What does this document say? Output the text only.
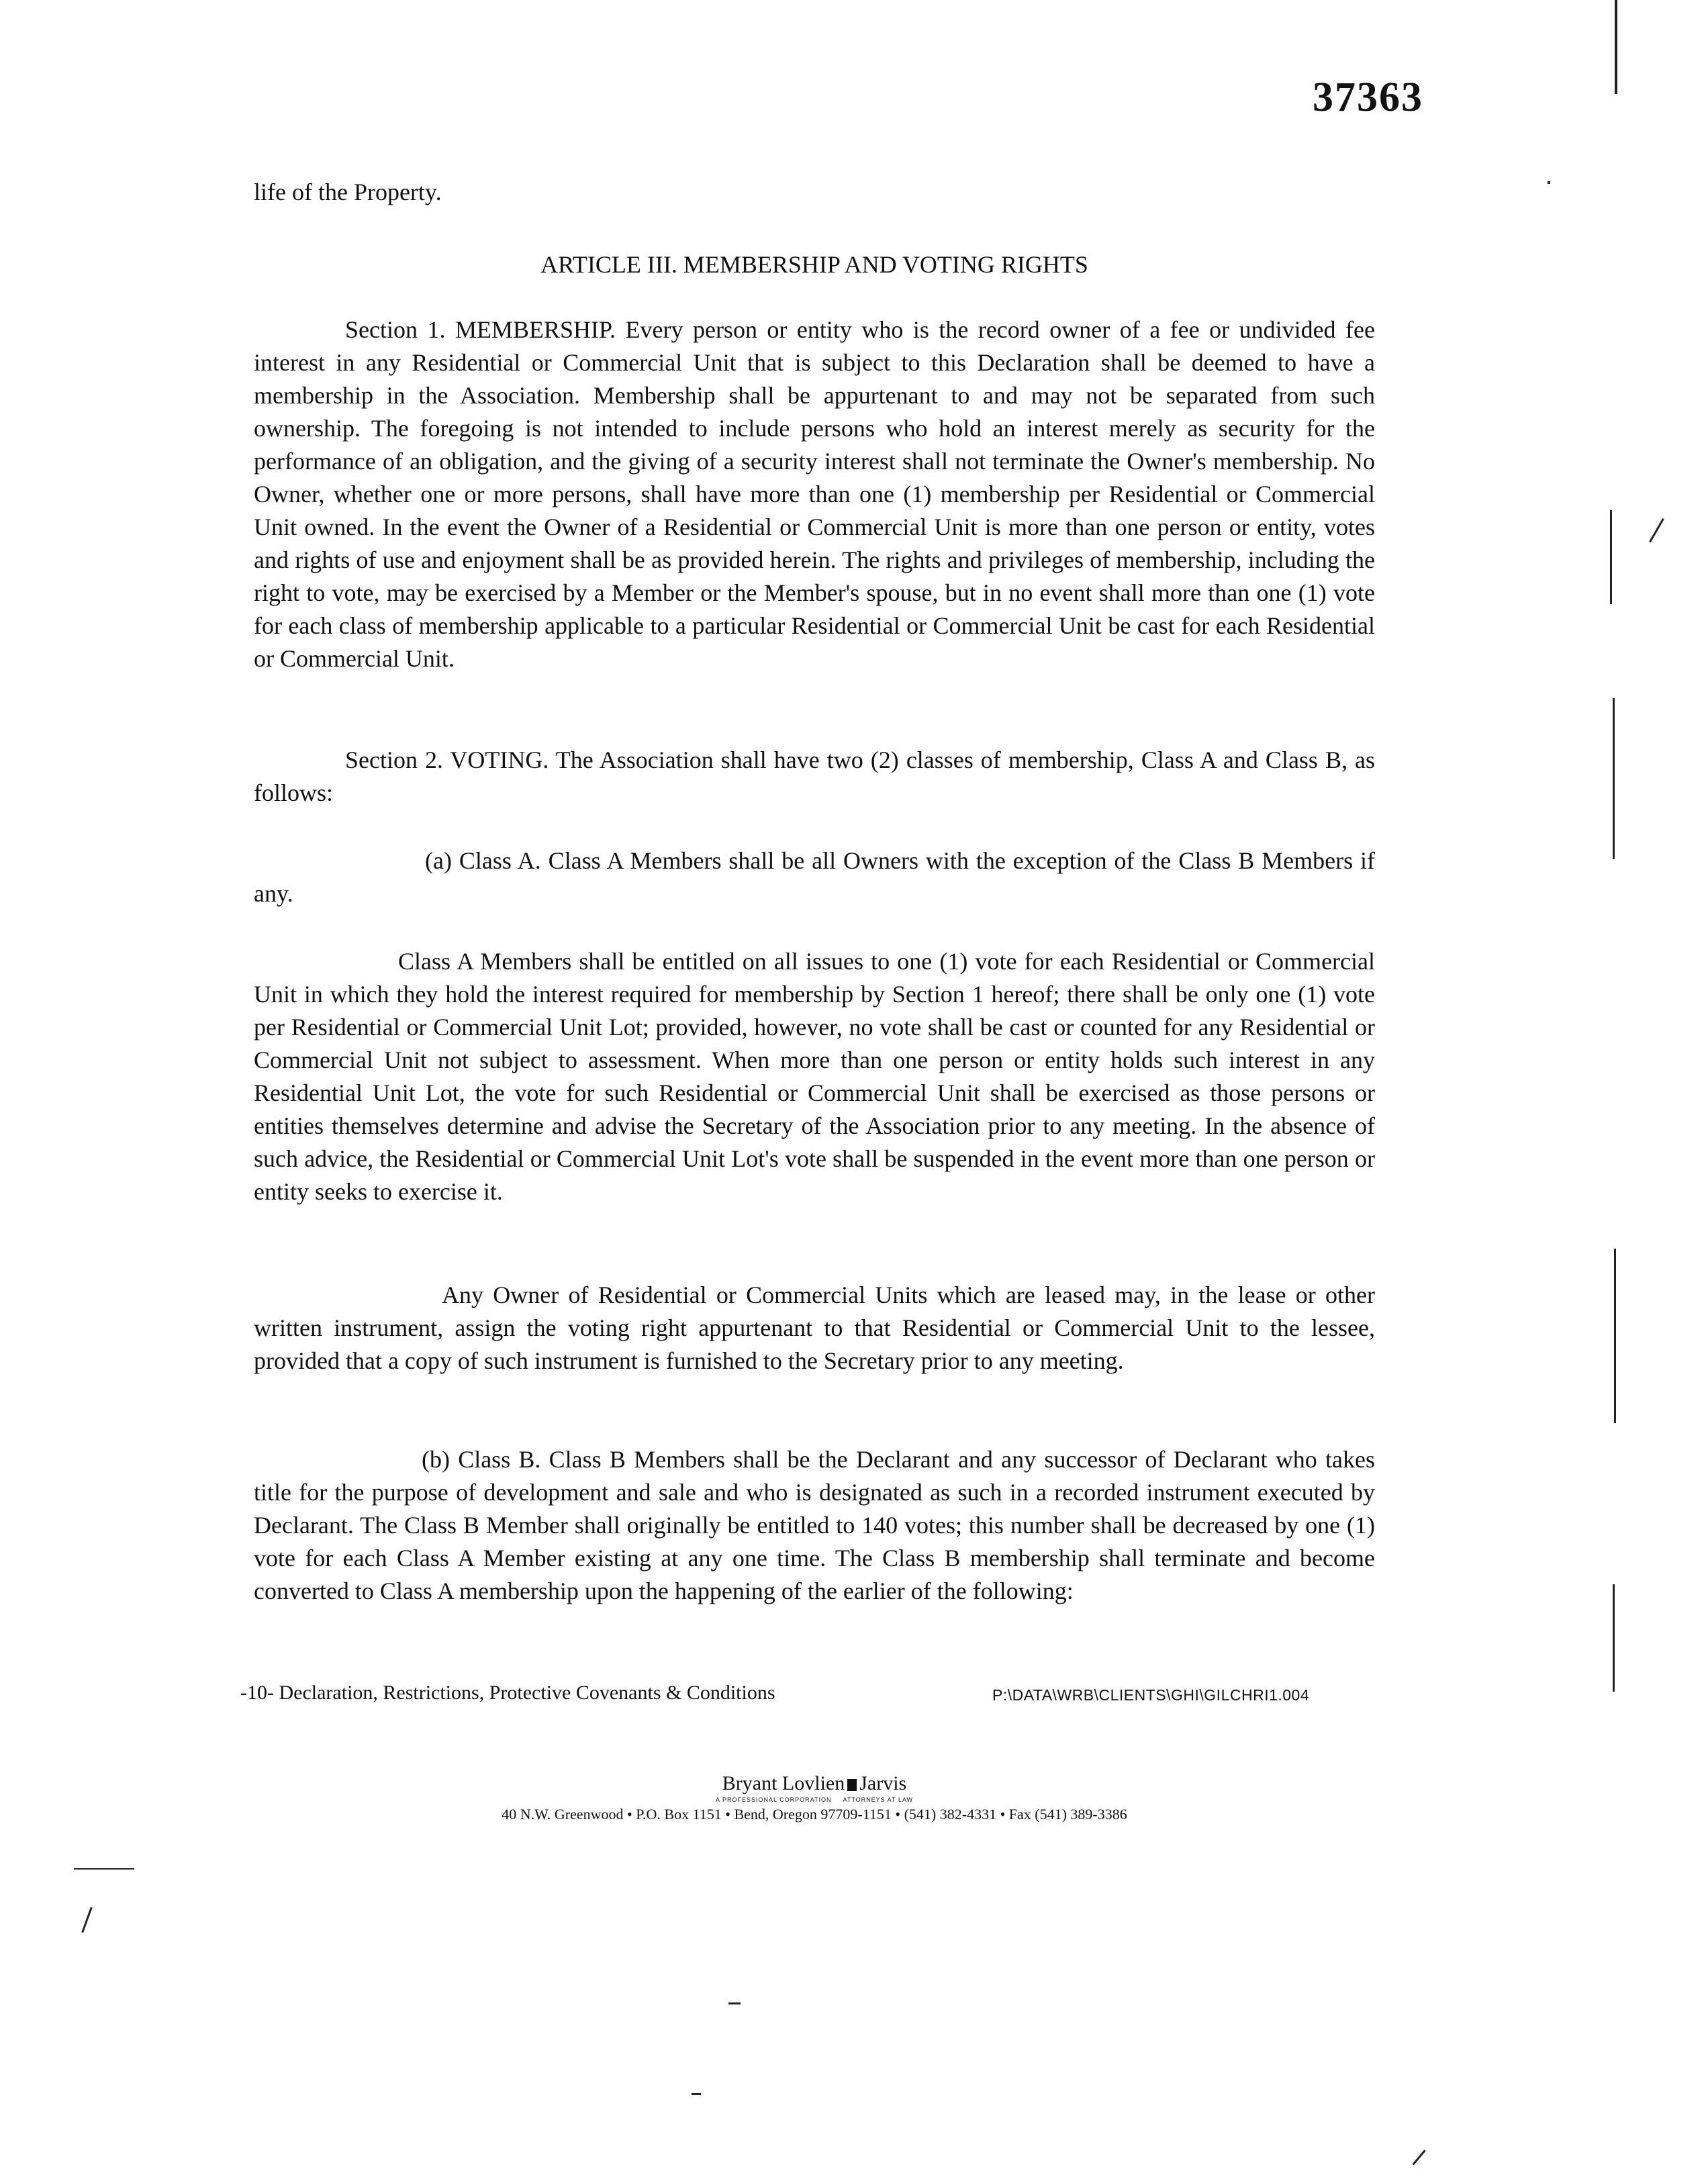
37363
life of the Property.
ARTICLE III. MEMBERSHIP AND VOTING RIGHTS
Section 1. MEMBERSHIP. Every person or entity who is the record owner of a fee or undivided fee interest in any Residential or Commercial Unit that is subject to this Declaration shall be deemed to have a membership in the Association. Membership shall be appurtenant to and may not be separated from such ownership. The foregoing is not intended to include persons who hold an interest merely as security for the performance of an obligation, and the giving of a security interest shall not terminate the Owner's membership. No Owner, whether one or more persons, shall have more than one (1) membership per Residential or Commercial Unit owned. In the event the Owner of a Residential or Commercial Unit is more than one person or entity, votes and rights of use and enjoyment shall be as provided herein. The rights and privileges of membership, including the right to vote, may be exercised by a Member or the Member's spouse, but in no event shall more than one (1) vote for each class of membership applicable to a particular Residential or Commercial Unit be cast for each Residential or Commercial Unit.
Section 2. VOTING. The Association shall have two (2) classes of membership, Class A and Class B, as follows:
(a) Class A. Class A Members shall be all Owners with the exception of the Class B Members if any.
Class A Members shall be entitled on all issues to one (1) vote for each Residential or Commercial Unit in which they hold the interest required for membership by Section 1 hereof; there shall be only one (1) vote per Residential or Commercial Unit Lot; provided, however, no vote shall be cast or counted for any Residential or Commercial Unit not subject to assessment. When more than one person or entity holds such interest in any Residential Unit Lot, the vote for such Residential or Commercial Unit shall be exercised as those persons or entities themselves determine and advise the Secretary of the Association prior to any meeting. In the absence of such advice, the Residential or Commercial Unit Lot's vote shall be suspended in the event more than one person or entity seeks to exercise it.
Any Owner of Residential or Commercial Units which are leased may, in the lease or other written instrument, assign the voting right appurtenant to that Residential or Commercial Unit to the lessee, provided that a copy of such instrument is furnished to the Secretary prior to any meeting.
(b) Class B. Class B Members shall be the Declarant and any successor of Declarant who takes title for the purpose of development and sale and who is designated as such in a recorded instrument executed by Declarant. The Class B Member shall originally be entitled to 140 votes; this number shall be decreased by one (1) vote for each Class A Member existing at any one time. The Class B membership shall terminate and become converted to Class A membership upon the happening of the earlier of the following:
-10- Declaration, Restrictions, Protective Covenants & Conditions	P:\DATA\WRB\CLIENTS\GHI\GILCHRI1.004
Bryant Lovlien Jarvis
A PROFESSIONAL CORPORATION ATTORNEYS AT LAW
40 N.W. Greenwood • P.O. Box 1151 • Bend, Oregon 97709-1151 • (541) 382-4331 • Fax (541) 389-3386
